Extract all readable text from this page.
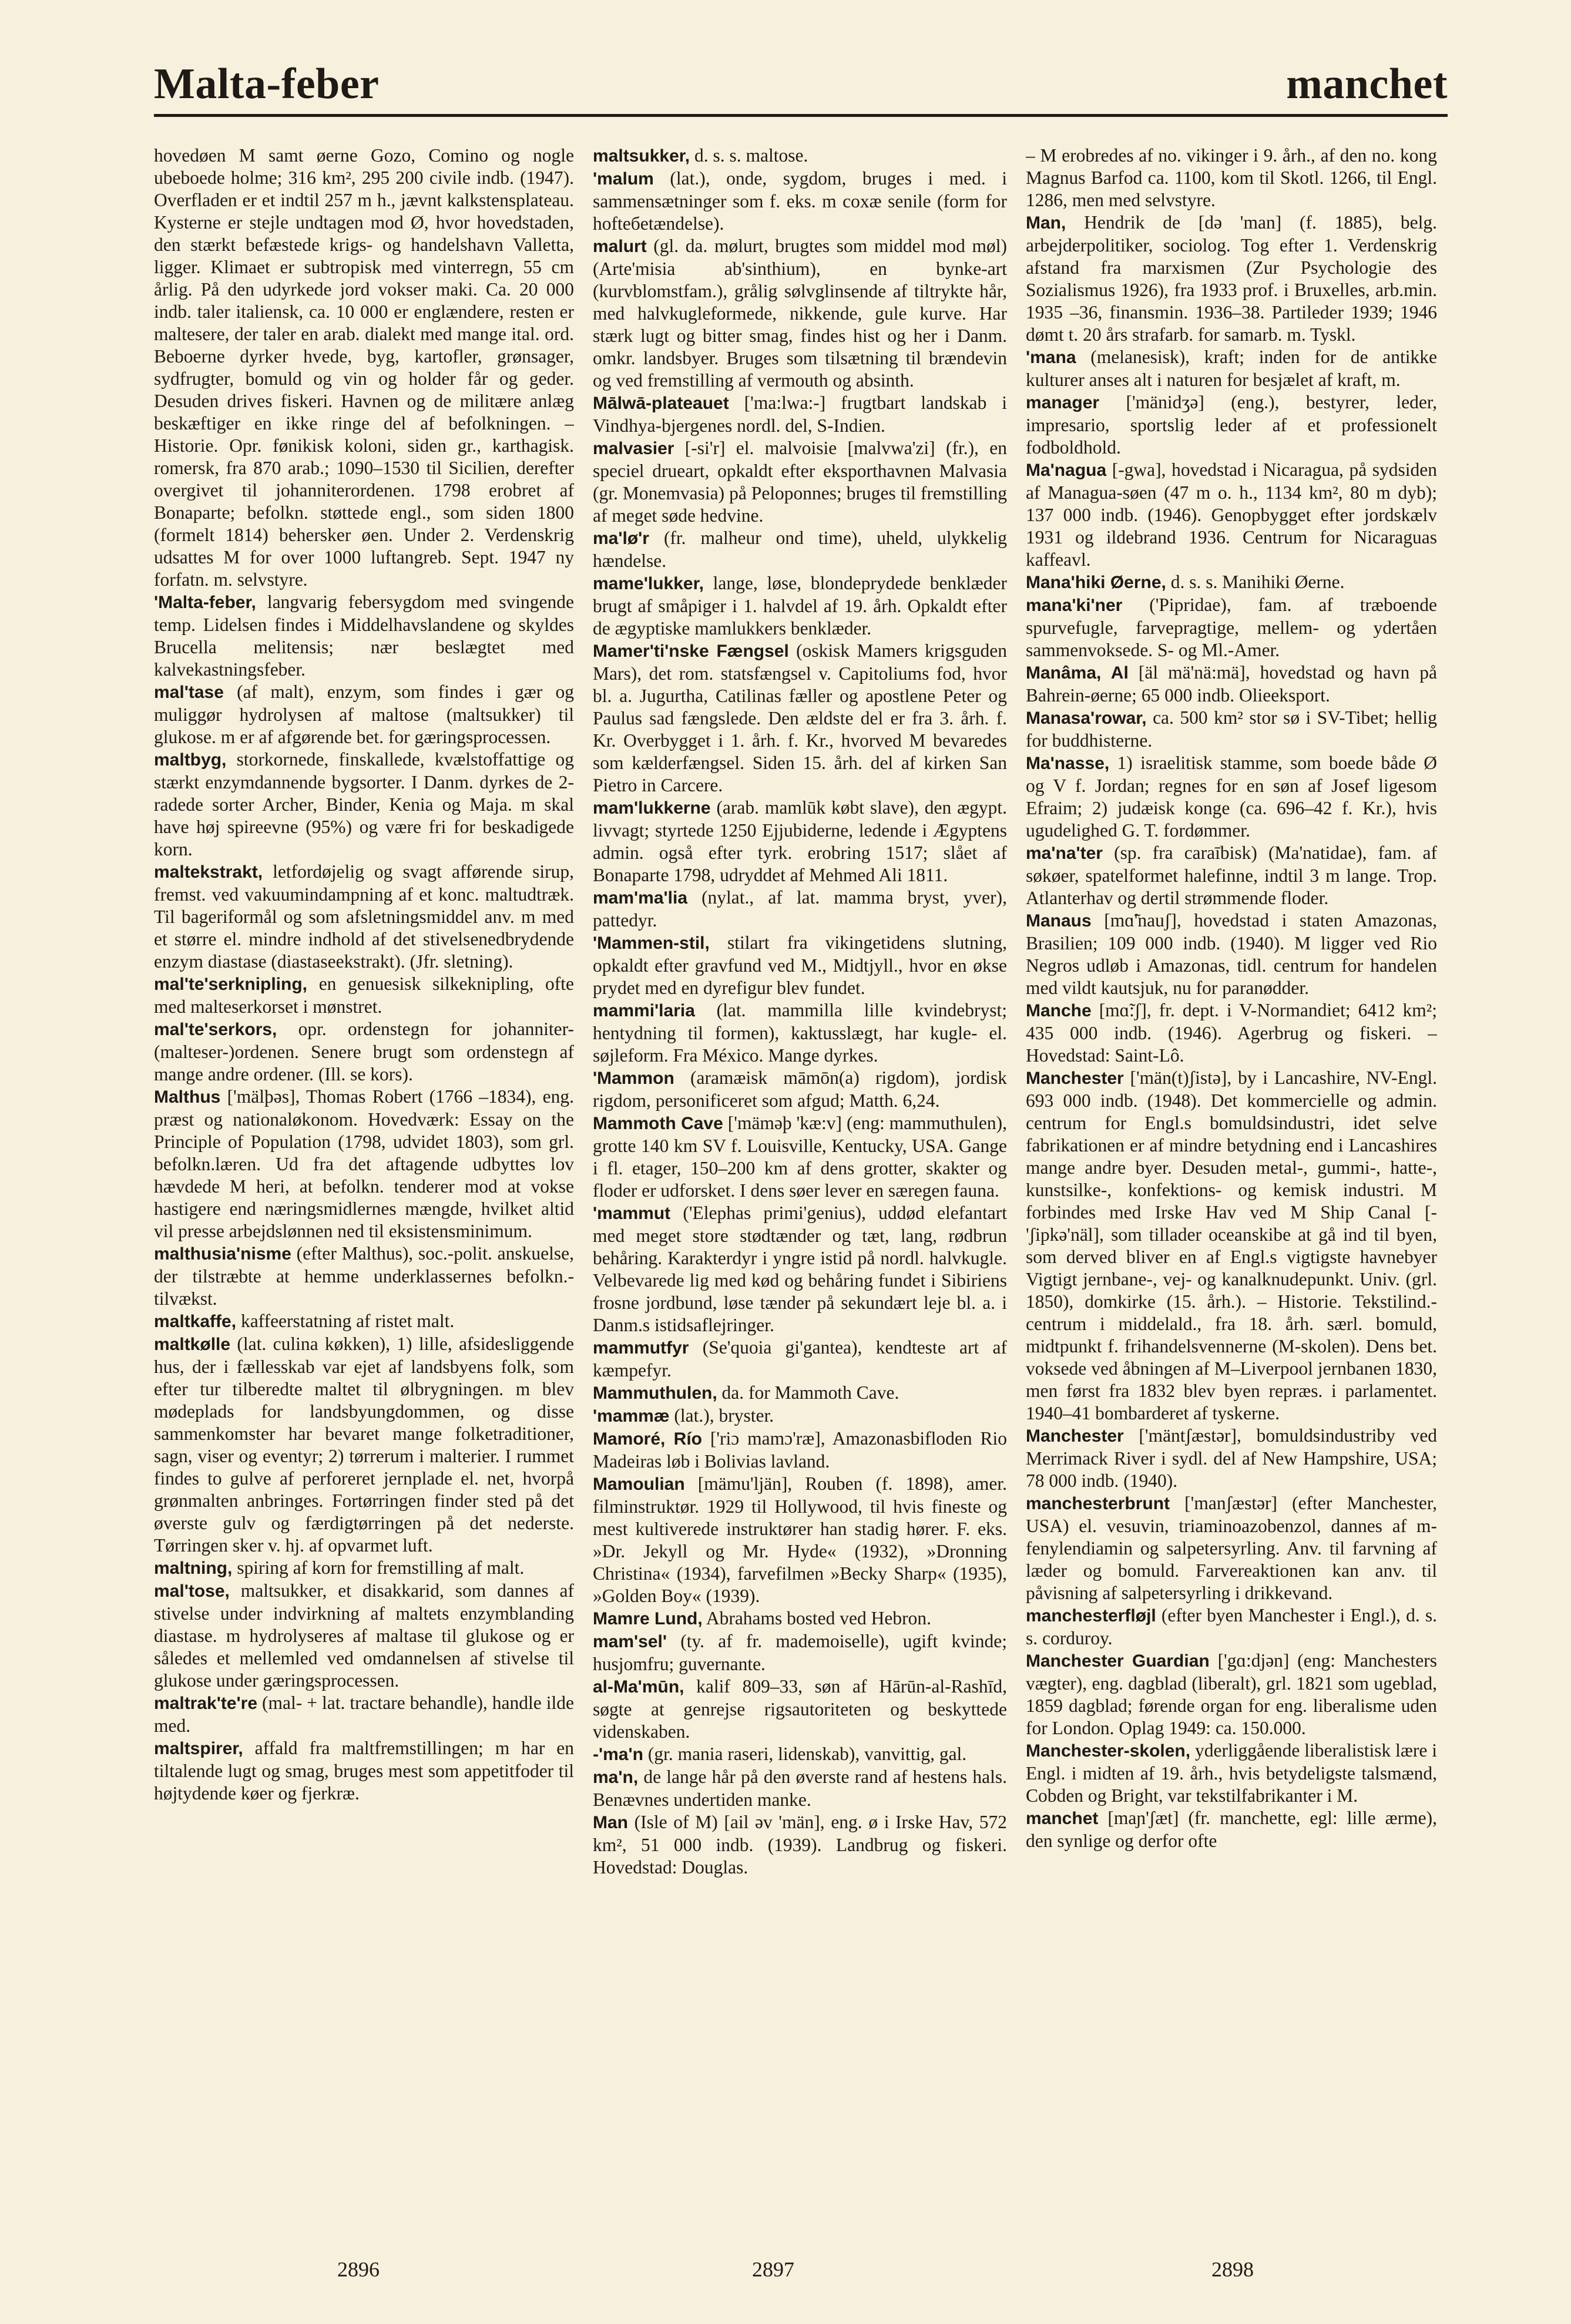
Malta-feber	manchet

hovedøen M samt øerne Gozo, Comino og nogle ubeboede holme; 316 km², 295 200 civile indb. (1947). Overfladen er et indtil 257 m h., jævnt kalkstensplateau. Kysterne er stejle undtagen mod Ø, hvor hovedstaden, den stærkt befæstede krigs- og handelshavn Valletta, ligger. Klimaet er subtropisk med vinterregn, 55 cm årlig. På den udyrkede jord vokser maki. Ca. 20 000 indb. taler italiensk, ca. 10 000 er englændere, resten er maltesere, der taler en arab. dialekt med mange ital. ord. Beboerne dyrker hvede, byg, kartofler, grønsager, sydfrugter, bomuld og vin og holder får og geder. Desuden drives fiskeri. Havnen og de militære anlæg beskæftiger en ikke ringe del af befolkningen. – Historie. Opr. fønikisk koloni, siden gr., karthagisk. romersk, fra 870 arab.; 1090–1530 til Sicilien, derefter overgivet til johanniterordenen. 1798 erobret af Bonaparte; befolkn. støttede engl., som siden 1800 (formelt 1814) behersker øen. Under 2. Verdenskrig udsattes M for over 1000 luftangreb. Sept. 1947 ny forfatn. m. selvstyre.

'Malta-feber, langvarig febersygdom med svingende temp. Lidelsen findes i Middelhavslandene og skyldes Brucella melitensis; nær beslægtet med kalvekastningsfeber.

mal'tase (af malt), enzym, som findes i gær og muliggør hydrolysen af maltose (maltsukker) til glukose. m er af afgørende bet. for gæringsprocessen.

maltbyg, storkornede, finskallede, kvælstoffattige og stærkt enzymdannende bygsorter. I Danm. dyrkes de 2-radede sorter Archer, Binder, Kenia og Maja. m skal have høj spireevne (95%) og være fri for beskadigede korn.

maltekstrakt, letfordøjelig og svagt afførende sirup, fremst. ved vakuumindampning af et konc. maltudtræk. Til bageriformål og som afsletningsmiddel anv. m med et større el. mindre indhold af det stivelsenedbrydende enzym diastase (diastaseekstrakt). (Jfr. sletning).

mal'te'serknipling, en genuesisk silkeknipling, ofte med malteserkorset i mønstret.

mal'te'serkors, opr. ordenstegn for johanniter-(malteser-)ordenen. Senere brugt som ordenstegn af mange andre ordener. (Ill. se kors).

Malthus ['mälþəs], Thomas Robert (1766 –1834), eng. præst og nationaløkonom. Hovedværk: Essay on the Principle of Population (1798, udvidet 1803), som grl. befolkn.læren. Ud fra det aftagende udbyttes lov hævdede M heri, at befolkn. tenderer mod at vokse hastigere end næringsmidlernes mængde, hvilket altid vil presse arbejdslønnen ned til eksistensminimum.

malthusia'nisme (efter Malthus), soc.-polit. anskuelse, der tilstræbte at hemme underklassernes befolkn.-tilvækst.

maltkaffe, kaffeerstatning af ristet malt.

maltkølle (lat. culina køkken), 1) lille, afsidesliggende hus, der i fællesskab var ejet af landsbyens folk, som efter tur tilberedte maltet til ølbrygningen. m blev mødeplads for landsbyungdommen, og disse sammenkomster har bevaret mange folketraditioner, sagn, viser og eventyr; 2) tørrerum i malterier. I rummet findes to gulve af perforeret jernplade el. net, hvorpå grønmalten anbringes. Fortørringen finder sted på det øverste gulv og færdigtørringen på det nederste. Tørringen sker v. hj. af opvarmet luft.

maltning, spiring af korn for fremstilling af malt.

mal'tose, maltsukker, et disakkarid, som dannes af stivelse under indvirkning af maltets enzymblanding diastase. m hydrolyseres af maltase til glukose og er således et mellemled ved omdannelsen af stivelse til glukose under gæringsprocessen.

maltrak'te're (mal- + lat. tractare behandle), handle ilde med.

maltspirer, affald fra maltfremstillingen; m har en tiltalende lugt og smag, bruges mest som appetitfoder til højtydende køer og fjerkræ.

maltsukker, d. s. s. maltose.

'malum (lat.), onde, sygdom, bruges i med. i sammensætninger som f. eks. m coxæ senile (form for hofteбetændelse).

malurt (gl. da. mølurt, brugtes som middel mod møl) (Arte'misia ab'sinthium), en bynke-art (kurvblomstfam.), grålig sølvglinsende af tiltrykte hår, med halvkugleformede, nikkende, gule kurve. Har stærk lugt og bitter smag, findes hist og her i Danm. omkr. landsbyer. Bruges som tilsætning til brændevin og ved fremstilling af vermouth og absinth.

Mālwā-plateauet ['ma:lwa:-] frugtbart landskab i Vindhya-bjergenes nordl. del, S-Indien.

malvasier [-si'r] el. malvoisie [malvwa'zi] (fr.), en speciel druеart, opkaldt efter eksporthavnen Malvasia (gr. Monemvasia) på Peloponnes; bruges til fremstilling af meget søde hedvine.

ma'lø'r (fr. malheur ond time), uheld, ulykkelig hændelse.

mame'lukker, lange, løse, blondeprydede benklæder brugt af småpiger i 1. halvdel af 19. årh. Opkaldt efter de ægyptiske mamlukkers benklæder.

Mamer'ti'nske Fængsel (oskisk Mamers krigsguden Mars), det rom. statsfængsel v. Capitoliums fod, hvor bl. a. Jugurtha, Catilinas fæller og apostlene Peter og Paulus sad fængslede. Den ældste del er fra 3. årh. f. Kr. Overbygget i 1. årh. f. Kr., hvorved M bevaredes som kælderfængsel. Siden 15. årh. del af kirken San Pietro in Carcere.

mam'lukkerne (arab. mamlūk købt slave), den ægypt. livvagt; styrtede 1250 Ejjubiderne, ledende i Ægyptens admin. også efter tyrk. erobring 1517; slået af Bonaparte 1798, udryddet af Mehmed Ali 1811.

mam'ma'lia (nylat., af lat. mamma bryst, yver), pattedyr.

'Mammen-stil, stilart fra vikingetidens slutning, opkaldt efter gravfund ved M., Midtjyll., hvor en økse prydet med en dyrefigur blev fundet.

mammi'laria (lat. mammilla lille kvindebryst; hentydning til formen), kaktusslægt, har kugle- el. søjleform. Fra México. Mange dyrkes.

'Mammon (aramæisk māmōn(a) rigdom), jordisk rigdom, personificeret som afgud; Matth. 6,24.

Mammoth Cave ['mäməþ 'kæ:v] (eng: mammuthulen), grotte 140 km SV f. Louisville, Kentucky, USA. Gange i fl. etager, 150–200 km af dens grotter, skakter og floder er udforsket. I dens søer lever en særegen fauna.

'mammut ('Elephas primi'genius), uddød elefantart med meget store stødtænder og tæt, lang, rødbrun behåring. Karakterdyr i yngre istid på nordl. halvkugle. Velbevarede lig med kød og behåring fundet i Sibiriens frosne jordbund, løse tænder på sekundært leje bl. a. i Danm.s istidsaflejringer.

mammutfyr (Se'quoia gi'gantea), kendteste art af kæmpefyr.

Mammuthulen, da. for Mammoth Cave.

'mammæ (lat.), bryster.

Mamoré, Río ['riɔ mamɔ'ræ], Amazonasbifloden Rio Madeiras løb i Bolivias lavland.

Mamoulian [mämu'ljän], Rouben (f. 1898), amer. filminstruktør. 1929 til Hollywood, til hvis fineste og mest kultiverede instruktører han stadig hører. F. eks. »Dr. Jekyll og Mr. Hyde« (1932), »Dronning Christina« (1934), farvefilmen »Becky Sharp« (1935), »Golden Boy« (1939).

Mamre Lund, Abrahams bosted ved Hebron.

mam'sel' (ty. af fr. mademoiselle), ugift kvinde; husjomfru; guvernante.

al-Ma'mūn, kalif 809–33, søn af Hārūn-al-Rashīd, søgte at genrejse rigsautoriteten og beskyttede videnskaben.

-'ma'n (gr. mania raseri, lidenskab), vanvittig, gal.

ma'n, de lange hår på den øverste rand af hestens hals. Benævnes undertiden manke.

Man (Isle of M) [ail əv 'män], eng. ø i Irske Hav, 572 km², 51 000 indb. (1939). Landbrug og fiskeri. Hovedstad: Douglas.

– M erobredes af no. vikinger i 9. årh., af den no. kong Magnus Barfod ca. 1100, kom til Skotl. 1266, til Engl. 1286, men med selvstyre.

Man, Hendrik de [də 'man] (f. 1885), belg. arbejderpolitiker, sociolog. Tog efter 1. Verdenskrig afstand fra marxismen (Zur Psychologie des Sozialismus 1926), fra 1933 prof. i Bruxelles, arb.min. 1935 –36, finansmin. 1936–38. Partileder 1939; 1946 dømt t. 20 års strafarb. for samarb. m. Tyskl.

'mana (melanesisk), kraft; inden for de antikke kulturer anses alt i naturen for besjælet af kraft, m.

manager ['mänidʒə] (eng.), bestyrer, leder, impresario, sportslig leder af et professionelt fodboldhold.

Ma'nagua [-gwa], hovedstad i Nicaragua, på sydsiden af Managua-søen (47 m o. h., 1134 km², 80 m dyb); 137 000 indb. (1946). Genopbygget efter jordskælv 1931 og ildebrand 1936. Centrum for Nicaraguas kaffeavl.

Mana'hiki Øerne, d. s. s. Manihiki Øerne.

mana'ki'ner ('Pipridae), fam. af træboende spurvefugle, farvepragtige, mellem- og ydertåen sammenvoksede. S- og Ml.-Amer.

Manâma, Al [äl mä'nä:mä], hovedstad og havn på Bahrein-øerne; 65 000 indb. Olieeksport.

Manasa'rowar, ca. 500 km² stor sø i SV-Tibet; hellig for buddhisterne.

Ma'nasse, 1) israelitisk stamme, som boede både Ø og V f. Jordan; regnes for en søn af Josef ligesom Efraim; 2) judæisk konge (ca. 696–42 f. Kr.), hvis ugudelighed G. T. fordømmer.

ma'na'ter (sp. fra caraībisk) (Ma'natidae), fam. af søkøer, spatelformet halefinne, indtil 3 m lange. Trop. Atlanterhav og dertil strømmende floder.

Manaus [mɑ̃'nauʃ], hovedstad i staten Amazonas, Brasilien; 109 000 indb. (1940). M ligger ved Rio Negros udløb i Amazonas, tidl. centrum for handelen med vildt kautsjuk, nu for paranødder.

Manche [mɑ̃:ʃ], fr. dept. i V-Normandiet; 6412 km²; 435 000 indb. (1946). Agerbrug og fiskeri. – Hovedstad: Saint-Lô.

Manchester ['män(t)ʃistə], by i Lancashire, NV-Engl. 693 000 indb. (1948). Det kommercielle og admin. centrum for Engl.s bomuldsindustri, idet selve fabrikationen er af mindre betydning end i Lancashires mange andre byer. Desuden metal-, gummi-, hatte-, kunstsilke-, konfektions- og kemisk industri. M forbindes med Irske Hav ved M Ship Canal [-'ʃipkə'näl], som tillader oceanskibe at gå ind til byen, som derved bliver en af Engl.s vigtigste havnebyer Vigtigt jernbane-, vej- og kanalknudepunkt. Univ. (grl. 1850), domkirke (15. årh.). – Historie. Tekstilind.-centrum i middelald., fra 18. årh. særl. bomuld, midtpunkt f. frihandelsvennerne (M-skolen). Dens bet. voksede ved åbningen af M–Liverpool jernbanen 1830, men først fra 1832 blev byen repræs. i parlamentet. 1940–41 bombarderet af tyskerne.

Manchester ['mäntʃæstər], bomuldsindustriby ved Merrimack River i sydl. del af New Hampshire, USA; 78 000 indb. (1940).

manchesterbrunt ['manʃæstər] (efter Manchester, USA) el. vesuvin, triaminoazobenzol, dannes af m-fenylendiamin og salpetersyrling. Anv. til farvning af læder og bomuld. Farvereaktionen kan anv. til påvisning af salpetersyrling i drikkevand.

manchesterfløjl (efter byen Manchester i Engl.), d. s. s. corduroy.

Manchester Guardian ['gɑ:djən] (eng: Manchesters vægter), eng. dagblad (liberalt), grl. 1821 som ugeblad, 1859 dagblad; førende organ for eng. liberalisme uden for London. Oplag 1949: ca. 150.000.

Manchester-skolen, yderliggående liberalistisk lære i Engl. i midten af 19. årh., hvis betydeligste talsmænd, Cobden og Bright, var tekstilfabrikanter i M.

manchet [maɲ'ʃæt] (fr. manchette, egl: lille ærme), den synlige og derfor ofte

2896	2897	2898
